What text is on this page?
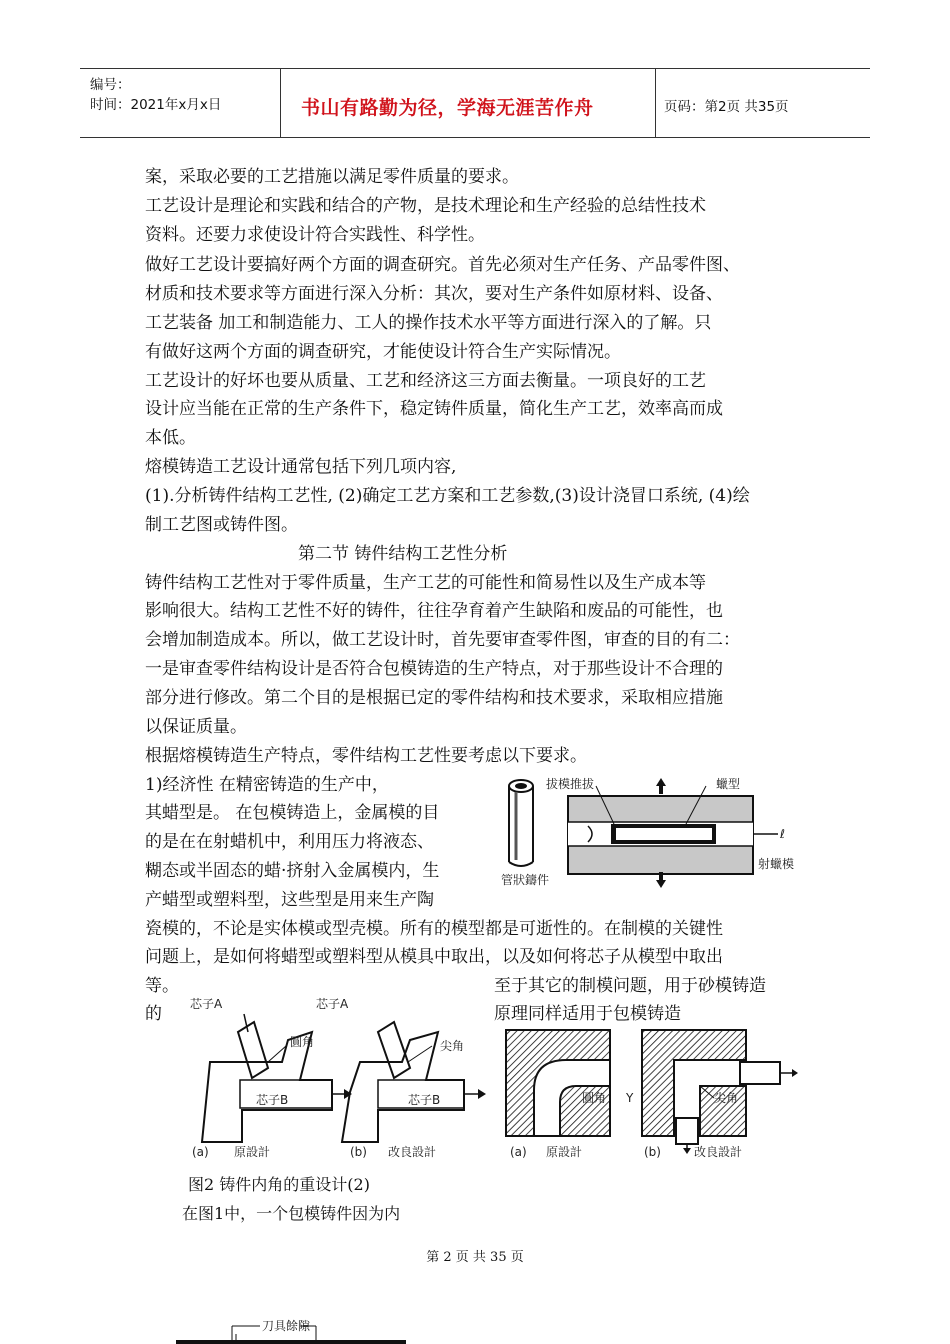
编号：
时间：2021年x月x日	书山有路勤为径，学海无涯苦作舟	页码：第2页 共35页
案，采取必要的工艺措施以满足零件质量的要求。
工艺设计是理论和实践和结合的产物，是技术理论和生产经验的总结性技术
资料。还要力求使设计符合实践性、科学性。
做好工艺设计要搞好两个方面的调查研究。首先必须对生产任务、产品零件图、
材质和技术要求等方面进行深入分析：其次，要对生产条件如原材料、设备、
工艺装备 加工和制造能力、工人的操作技术水平等方面进行深入的了解。只
有做好这两个方面的调查研究，才能使设计符合生产实际情况。
工艺设计的好坏也要从质量、工艺和经济这三方面去衡量。一项良好的工艺
设计应当能在正常的生产条件下，稳定铸件质量，简化生产工艺，效率高而成
本低。
熔模铸造工艺设计通常包括下列几项内容,
(1).分析铸件结构工艺性, (2)确定工艺方案和工艺参数,(3)设计浇冒口系统, (4)绘
制工艺图或铸件图。
第二节 铸件结构工艺性分析
铸件结构工艺性对于零件质量，生产工艺的可能性和简易性以及生产成本等
影响很大。结构工艺性不好的铸件，往往孕育着产生缺陷和废品的可能性，也
会增加制造成本。所以，做工艺设计时，首先要审查零件图，审查的目的有二：
一是审查零件结构设计是否符合包模铸造的生产特点，对于那些设计不合理的
部分进行修改。第二个目的是根据已定的零件结构和技术要求，采取相应措施
以保证质量。
根据熔模铸造生产特点，零件结构工艺性要考虑以下要求。
1)经济性 在精密铸造的生产中，
其蜡型是。 在包模铸造上，金属模的目
的是在在射蜡机中，利用压力将液态、
糊态或半固态的蜡·挤射入金属模内，生
产蜡型或塑料型，这些型是用来生产陶
瓷模的，不论是实体模或型壳模。所有的模型都是可逝性的。在制模的关键性
问题上，是如何将蜡型或塑料型从模具中取出，以及如何将芯子从模型中取出
等。	至于其它的制模问题，用于砂模铸造
的	原理同样适用于包模铸造
ℓ
拔模推拔	蠟型
管狀鑄件
射蠟模
芯子A
圓角
芯子B
(a) 原設計
芯子A
尖角
芯子B
(b) 改良設計
圓角 Y	尖角
(a) 原設計	(b)	改良設計
图2 铸件内角的重设计(2)
在图1中，一个包模铸件因为内
第 2 页 共 35 页
刀具餘隙
